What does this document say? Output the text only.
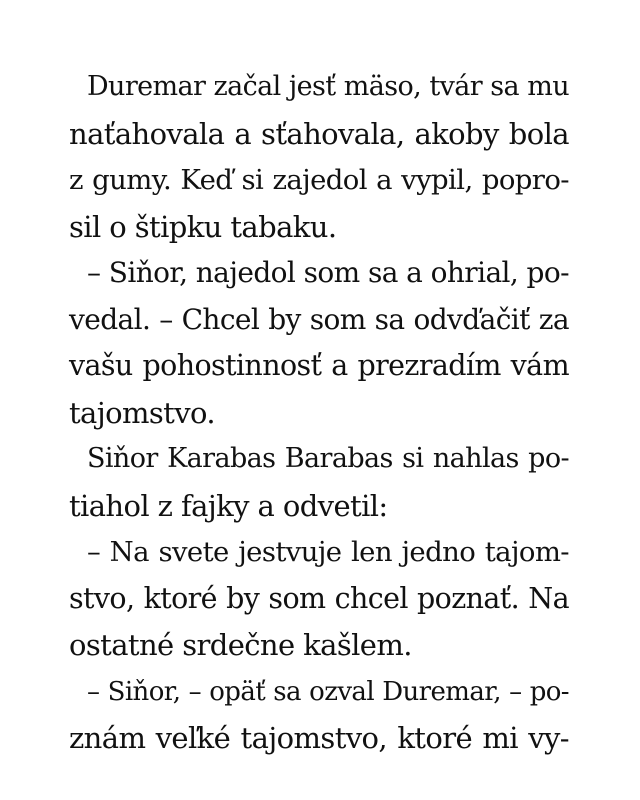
Duremar začal jesť mäso, tvár sa mu
naťahovala a sťahovala, akoby bola
z gumy. Keď si zajedol a vypil, popro-
sil o štipku tabaku.
– Siňor, najedol som sa a ohrial, po-
vedal. – Chcel by som sa odvďačiť za
vašu pohostinnosť a prezradím vám
tajomstvo.
Siňor Karabas Barabas si nahlas po-
tiahol z fajky a odvetil:
– Na svete jestvuje len jedno tajom-
stvo, ktoré by som chcel poznať. Na
ostatné srdečne kašlem.
– Siňor, – opäť sa ozval Duremar, – po-
znám veľké tajomstvo, ktoré mi vy-
